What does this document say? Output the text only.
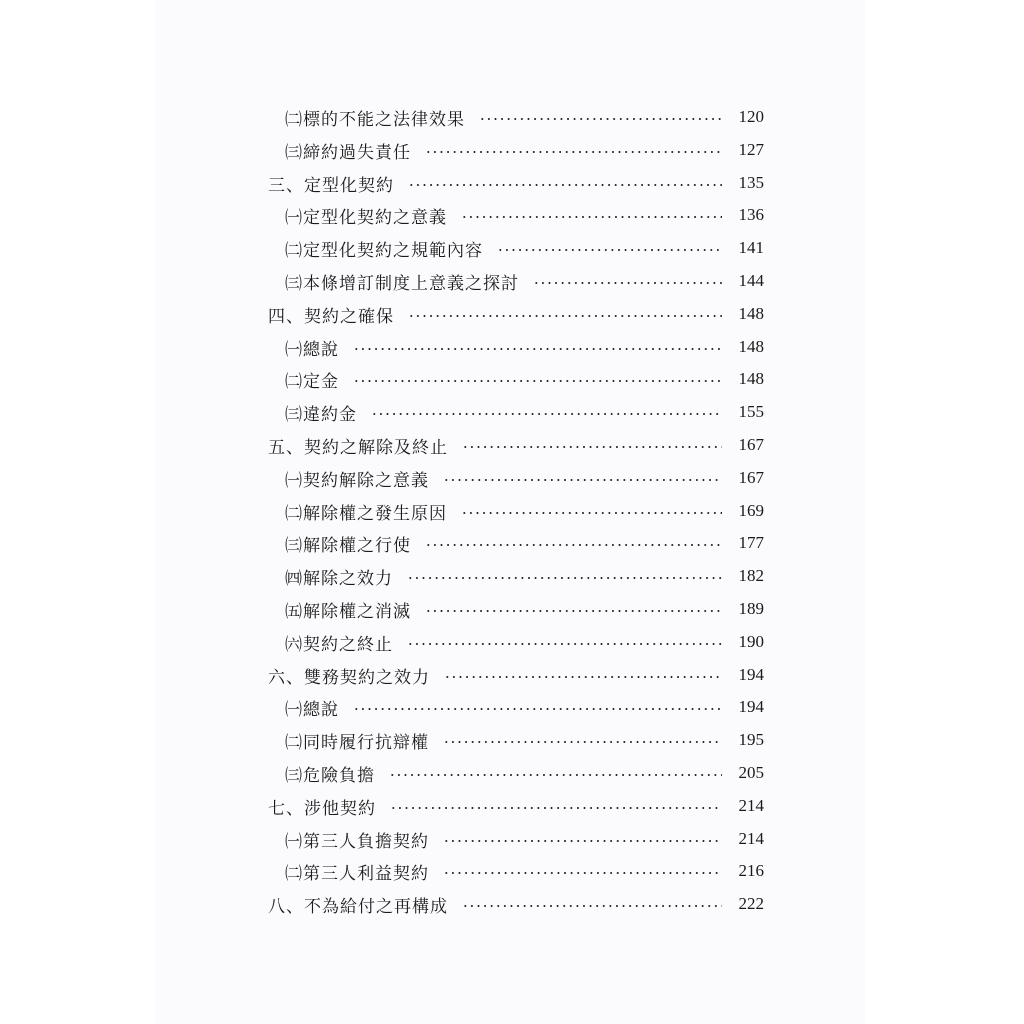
㈡標的不能之法律效果	120
㈢締約過失責任	127
三、定型化契約	135
㈠定型化契約之意義	136
㈡定型化契約之規範內容	141
㈢本條增訂制度上意義之探討	144
四、契約之確保	148
㈠總說	148
㈡定金	148
㈢違約金	155
五、契約之解除及終止	167
㈠契約解除之意義	167
㈡解除權之發生原因	169
㈢解除權之行使	177
㈣解除之效力	182
㈤解除權之消滅	189
㈥契約之終止	190
六、雙務契約之效力	194
㈠總說	194
㈡同時履行抗辯權	195
㈢危險負擔	205
七、涉他契約	214
㈠第三人負擔契約	214
㈡第三人利益契約	216
八、不為給付之再構成	222
